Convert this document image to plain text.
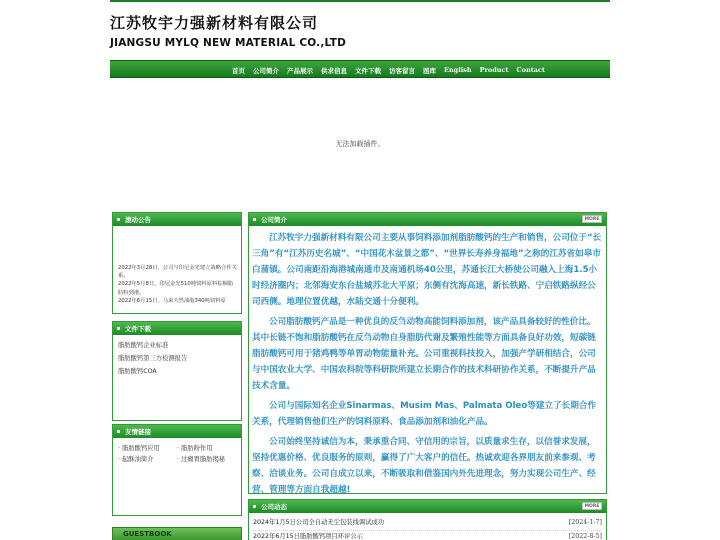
江苏牧宇力强新材料有限公司
JIANGSU MYLQ NEW MATERIAL CO.,LTD
首页	公司简介	产品展示	供求信息	文件下载	访客留言	图库	English	Product	Contact
无法加载插件。
滚动公告

2022年3月28日，公司与印尼金光建立战略合作关系。

2022年5月8日，印尼金光510吨饲料原料棕榈脂肪粉到港。

2022年6月15日，马来天然油脂340吨饲料原

文件下载

脂肪酸钙企业标准

脂肪酸钙第三方检测报告

脂肪酸钙COA

友情链接
· 脂肪酸钙应用	· 脂肪粉作用
· 起酥油简介	· 过瘤胃脂肪揭秘
GUESTBOOK
公司简介	MORE

江苏牧宇力强新材料有限公司主要从事饲料添加剂脂肪酸钙的生产和销售，公司位于“长三角”有“江苏历史名城”、“中国花木盆景之都”、“世界长寿养身福地”之称的江苏省如皋市白蒲镇。公司南距沿海港城南通市及南通机场40公里，苏通长江大桥使公司融入上海1.5小时经济圈内；北邻海安东台盐城苏北大平原；东侧有沈海高速，新长铁路、宁启铁路纵经公司西侧。地理位置优越，水陆交通十分便利。

公司脂肪酸钙产品是一种优良的反刍动物高能饲料添加剂，该产品具备较好的性价比。其中长链不饱和脂肪酸钙在反刍动物自身脂肪代谢及繁殖性能等方面具备良好功效，短碳链脂肪酸钙可用于猪鸡鸭等单胃动物能量补充。公司重视科技投入，加强产学研相结合，公司与中国农业大学、中国农科院等科研院所建立长期合作的技术科研协作关系，不断提升产品技术含量。

公司与国际知名企业Sinarmas、Musim Mas、Palmata Oleo等建立了长期合作关系，代理销售他们生产的饲料原料、食品添加剂和油化产品。

公司始终坚持诚信为本，秉承重合同、守信用的宗旨，以质量求生存，以信誉求发展，坚持优惠价格、优良服务的原则，赢得了广大客户的信任。热诚欢迎各界朋友前来参观、考察、洽谈业务。公司自成立以来，不断吸取和借鉴国内外先进理念，努力实现公司生产、经营、管理等方面自我超越!

公司动态	MORE
2024年1月5日公司全自动无尘包装线调试成功	[2024-1-7]
2022年6月15日脂肪酸钙项目环评公示	[2022-8-5]
